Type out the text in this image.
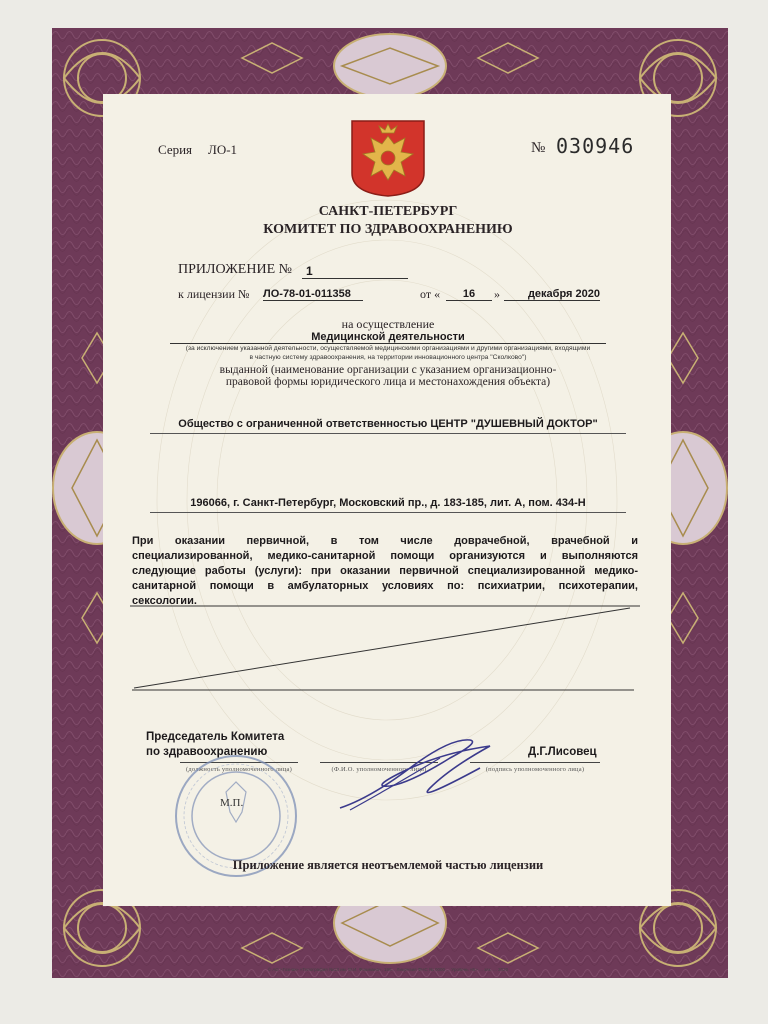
Серия ЛО-1	№ 030946
САНКТ-ПЕТЕРБУРГ
КОМИТЕТ ПО ЗДРАВООХРАНЕНИЮ
ПРИЛОЖЕНИЕ №	1
к лицензии № ЛО-78-01-011358	от «	16	»	декабря 2020
на осуществление
Медицинской деятельности
(за исключением указанной деятельности, осуществляемой медицинскими организациями и другими организациями, входящими
в частную систему здравоохранения, на территории инновационного центра "Сколково")
выданной (наименование организации с указанием организационно-
правовой формы юридического лица и местонахождения объекта)
Общество с ограниченной ответственностью ЦЕНТР "ДУШЕВНЫЙ ДОКТОР"
196066, г. Санкт-Петербург, Московский пр., д. 183-185, лит. А, пом. 434-Н
При оказании первичной, в том числе доврачебной, врачебной и
специализированной, медико-санитарной помощи организуются и выполняются
следующие работы (услуги): при оказании первичной специализированной медико-
санитарной помощи в амбулаторных условиях по: психиатрии, психотерапии,
сексологии.
Председатель Комитета
по здравоохранению
(должность уполномоченного лица)	(Ф.И.О. уполномоченного лица)	(подпись уполномоченного лица)
Д.Г.Лисовец
М.П.
Приложение является неотъемлемой частью лицензии
© АО «Гознак» «Типография №13 им. М.И. Фишмана», 198... Лицензия ФНС № 0000 ... Уровень «Б» ... зак. ... 2020
